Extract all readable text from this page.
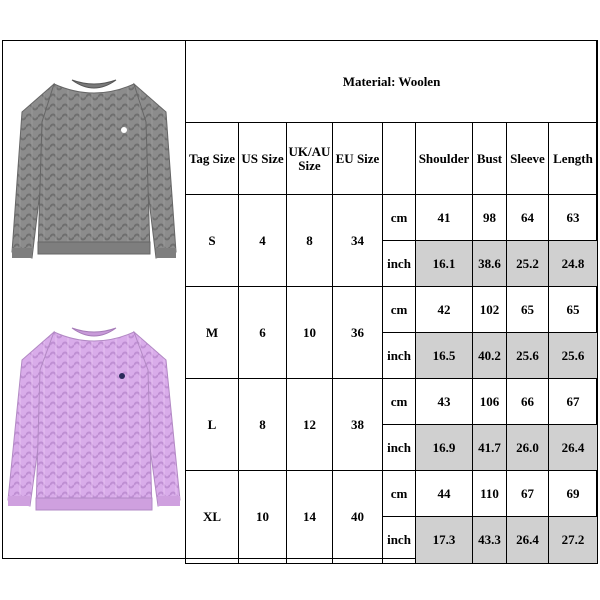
Material: Woolen								
Tag Size	US Size	UK/AU Size	EU Size		Shoulder	Bust	Sleeve	Length
S	4	8	34	cm	41	98	64	63
				inch	16.1	38.6	25.2	24.8
M	6	10	36	cm	42	102	65	65
				inch	16.5	40.2	25.6	25.6
L	8	12	38	cm	43	106	66	67
				inch	16.9	41.7	26.0	26.4
XL	10	14	40	cm	44	110	67	69
				inch	17.3	43.3	26.4	27.2
